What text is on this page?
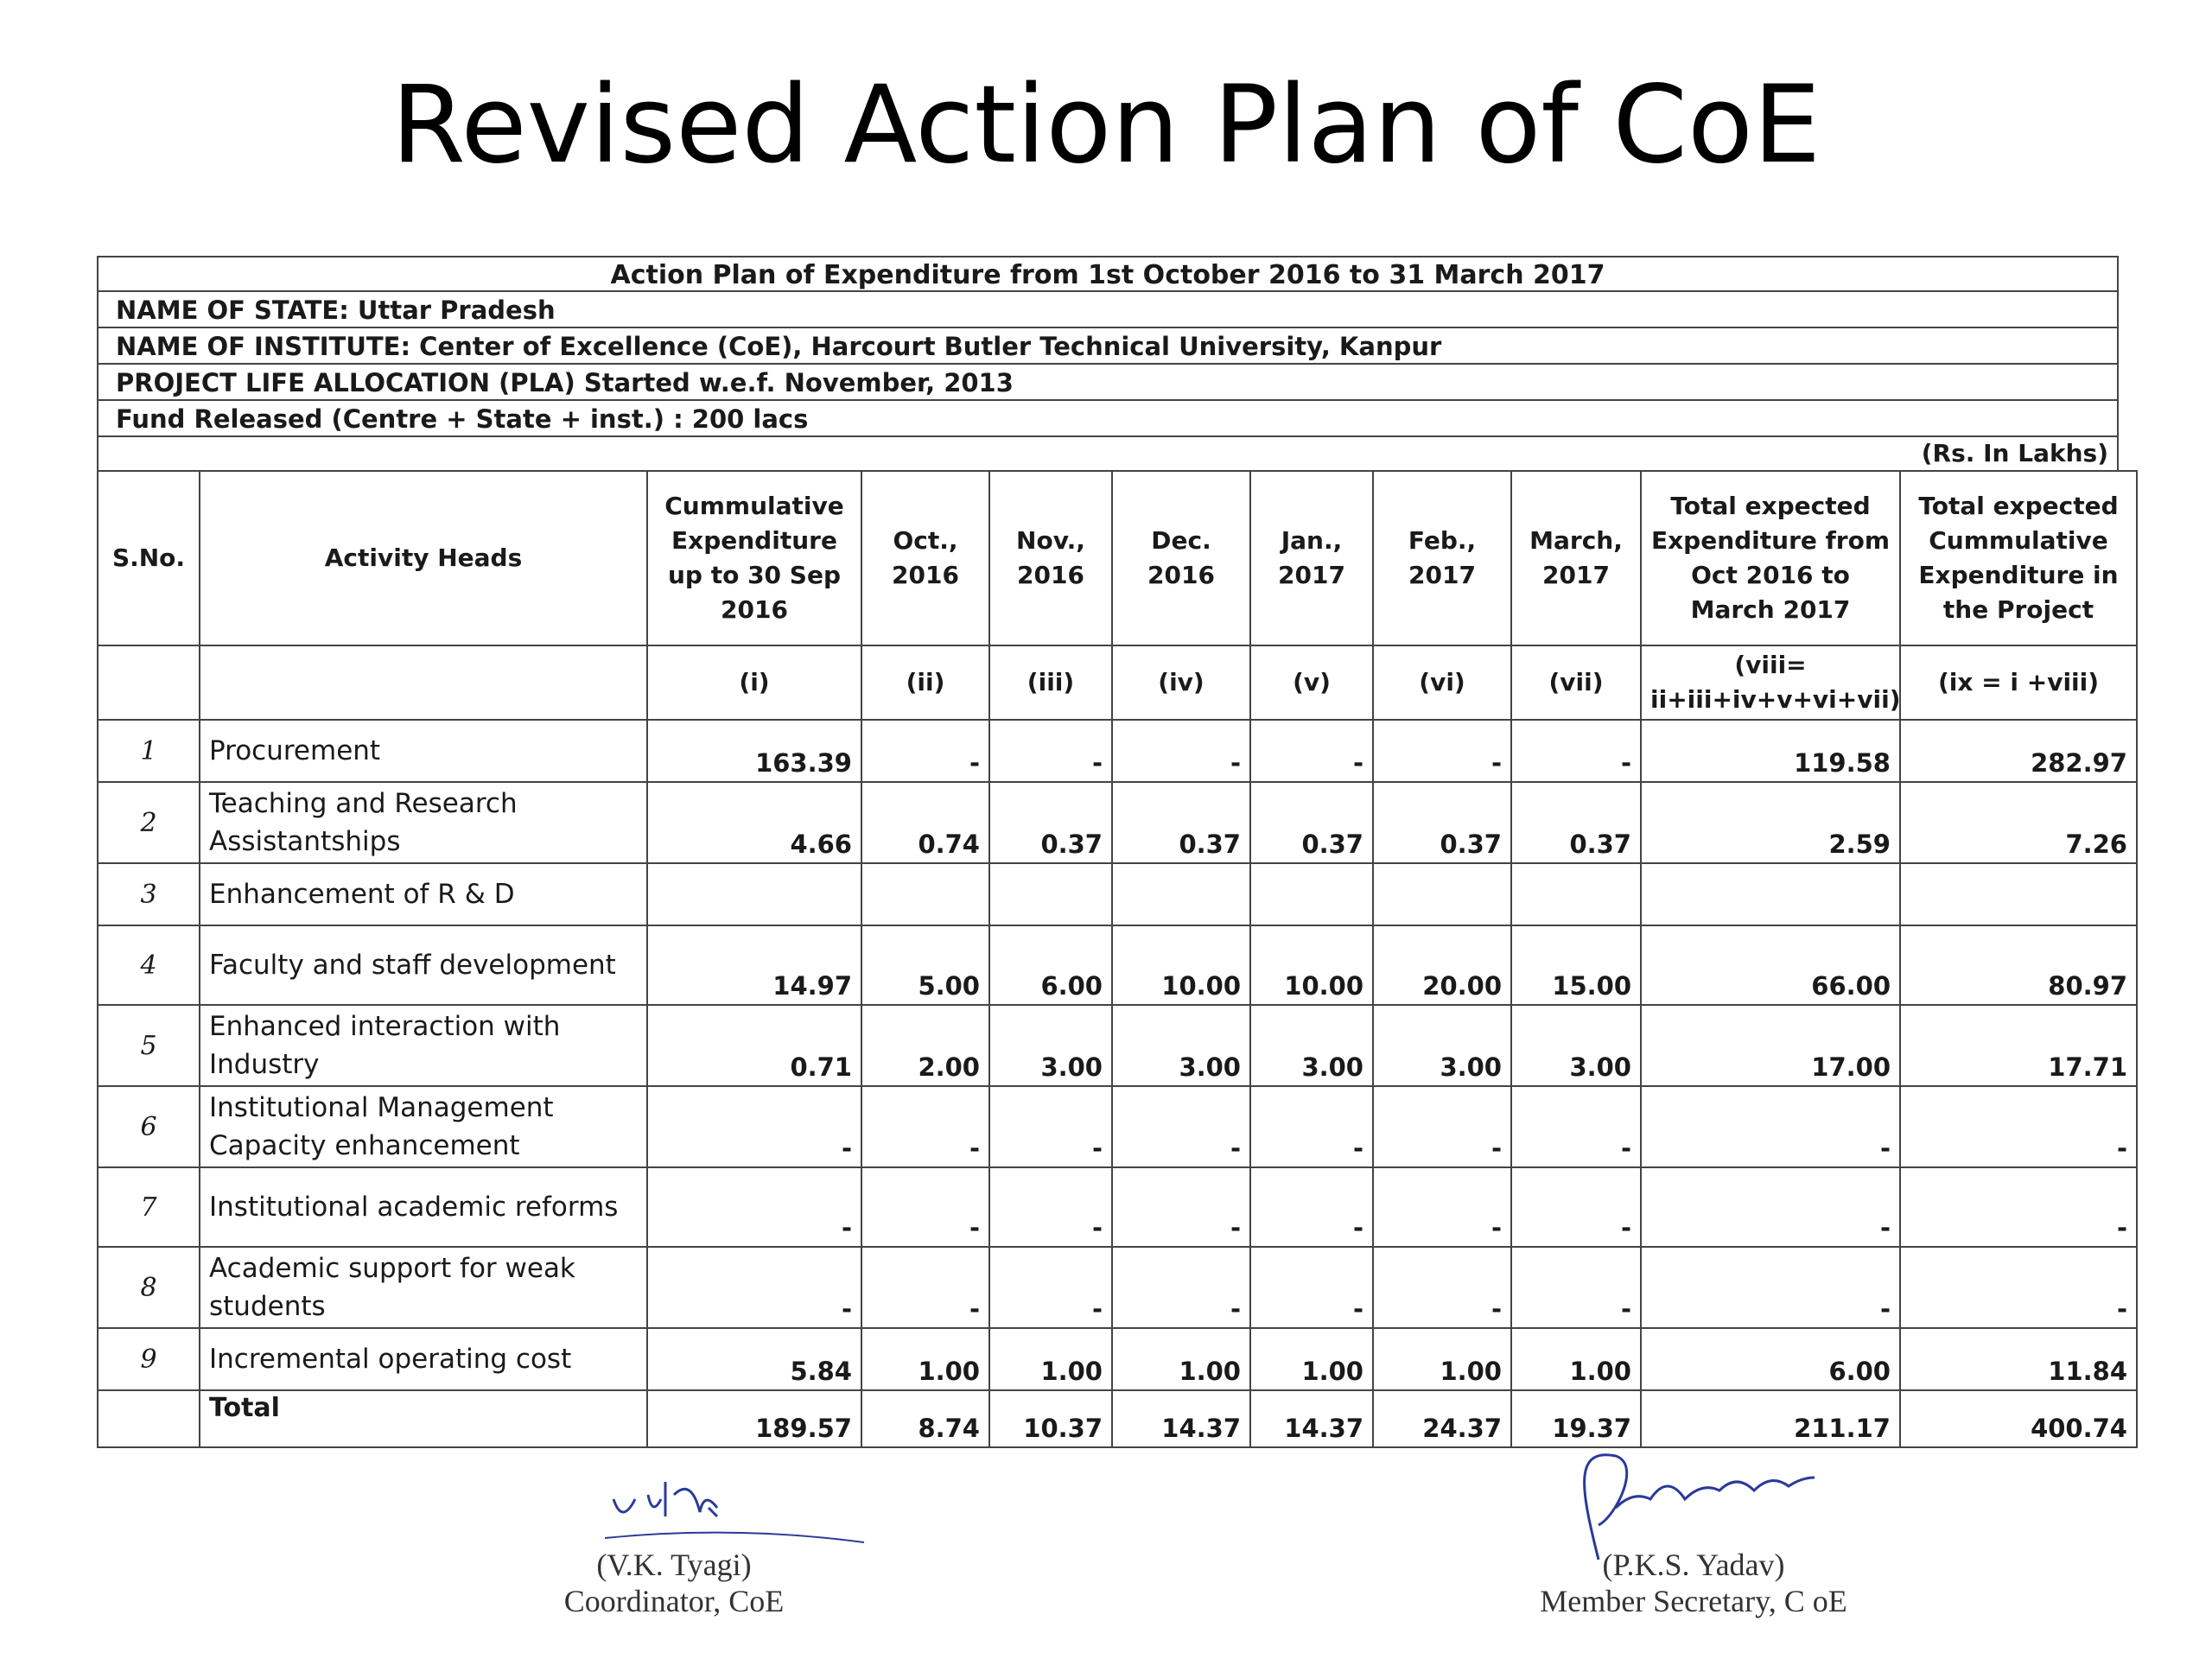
Revised Action Plan of CoE
Action Plan of Expenditure from 1st October 2016 to 31 March 2017
NAME OF STATE: Uttar Pradesh
NAME OF INSTITUTE: Center of Excellence (CoE), Harcourt Butler Technical University, Kanpur
PROJECT LIFE ALLOCATION (PLA) Started w.e.f. November, 2013
Fund Released (Centre + State + inst.) : 200 lacs
(Rs. In Lakhs)
S.No.	Activity Heads	Cummulative Expenditure up to 30 Sep 2016	Oct., 2016	Nov., 2016	Dec. 2016	Jan., 2017	Feb., 2017	March, 2017	Total expected Expenditure from Oct 2016 to March 2017	Total expected Cummulative Expenditure in the Project
		(i)	(ii)	(iii)	(iv)	(v)	(vi)	(vii)	(viii= ii+iii+iv+v+vi+vii)	(ix = i +viii)
1	Procurement	163.39	-	-	-	-	-	-	119.58	282.97
2	Teaching and Research Assistantships	4.66	0.74	0.37	0.37	0.37	0.37	0.37	2.59	7.26
3	Enhancement of R & D									
4	Faculty and staff development	14.97	5.00	6.00	10.00	10.00	20.00	15.00	66.00	80.97
5	Enhanced interaction with Industry	0.71	2.00	3.00	3.00	3.00	3.00	3.00	17.00	17.71
6	Institutional Management Capacity enhancement	-	-	-	-	-	-	-	-	-
7	Institutional academic reforms	-	-	-	-	-	-	-	-	-
8	Academic support for weak students	-	-	-	-	-	-	-	-	-
9	Incremental operating cost	5.84	1.00	1.00	1.00	1.00	1.00	1.00	6.00	11.84
	Total	189.57	8.74	10.37	14.37	14.37	24.37	19.37	211.17	400.74
(V.K. Tyagi)
Coordinator, CoE
(P.K.S. Yadav)
Member Secretary, C oE
